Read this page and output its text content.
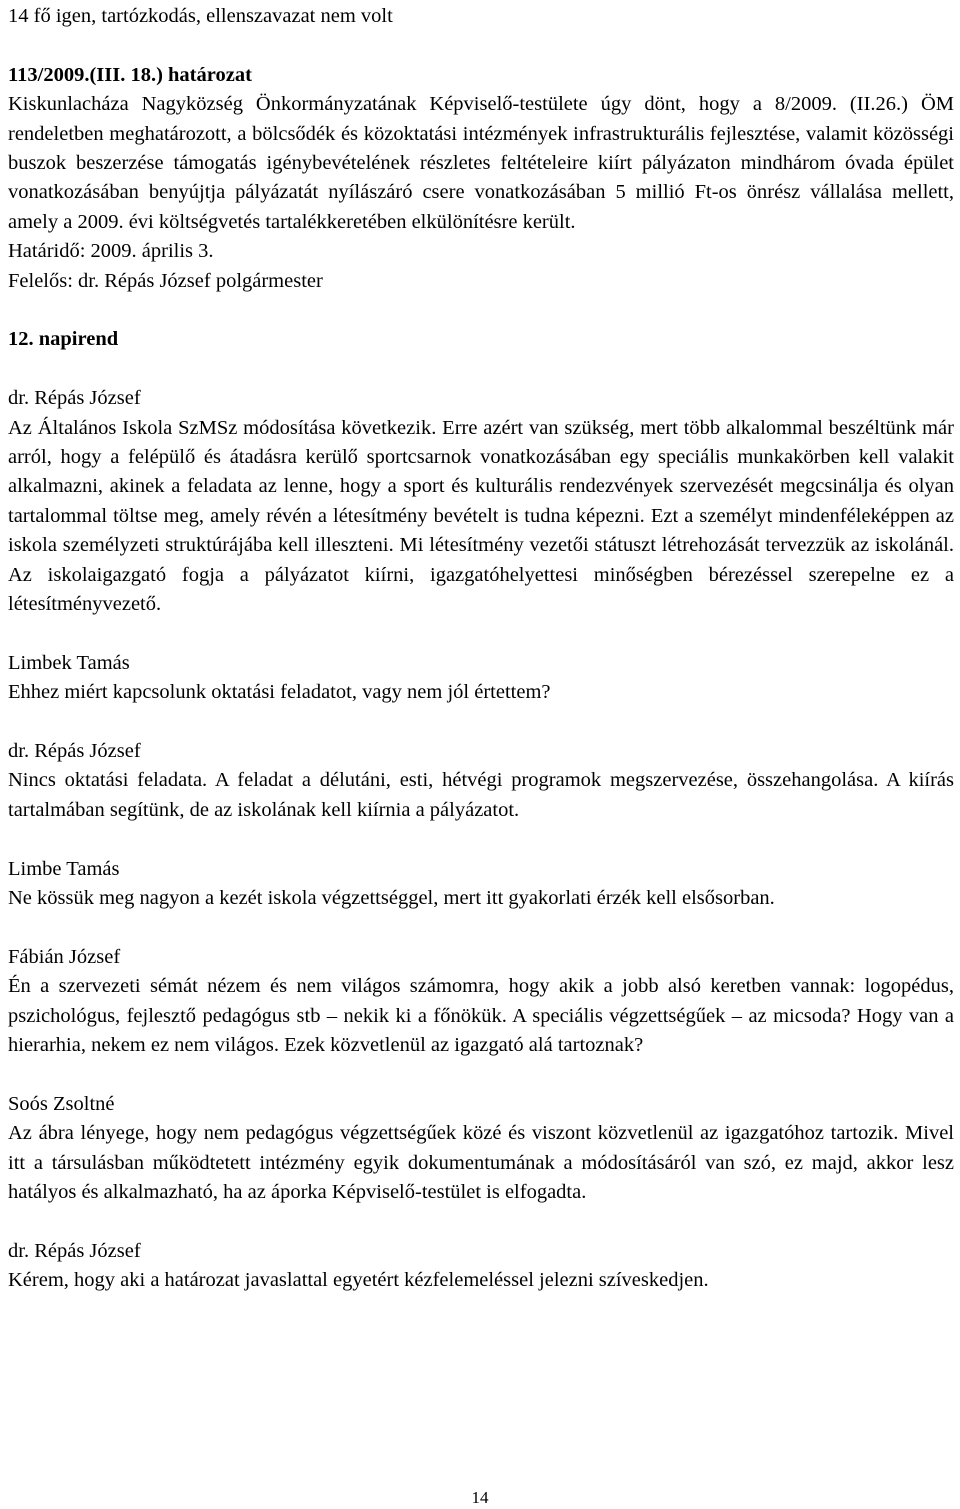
14 fő igen, tartózkodás, ellenszavazat nem volt

113/2009.(III. 18.) határozat

Kiskunlacháza Nagyközség Önkormányzatának Képviselő-testülete úgy dönt, hogy a 8/2009. (II.26.) ÖM rendeletben meghatározott, a bölcsődék és közoktatási intézmények infrastrukturális fejlesztése, valamit közösségi buszok beszerzése támogatás igénybevételének részletes feltételeire kiírt pályázaton mindhárom óvada épület vonatkozásában benyújtja pályázatát nyílászáró csere vonatkozásában 5 millió Ft-os önrész vállalása mellett, amely a 2009. évi költségvetés tartalékkeretében elkülönítésre került.

Határidő: 2009. április 3.

Felelős: dr. Répás József polgármester

12. napirend

dr. Répás József

Az Általános Iskola SzMSz módosítása következik. Erre azért van szükség, mert több alkalommal beszéltünk már arról, hogy a felépülő és átadásra kerülő sportcsarnok vonatkozásában egy speciális munkakörben kell valakit alkalmazni, akinek a feladata az lenne, hogy a sport és kulturális rendezvények szervezését megcsinálja és olyan tartalommal töltse meg, amely révén a létesítmény bevételt is tudna képezni. Ezt a személyt mindenféleképpen az iskola személyzeti struktúrájába kell illeszteni. Mi létesítmény vezetői státuszt létrehozását tervezzük az iskolánál. Az iskolaigazgató fogja a pályázatot kiírni, igazgatóhelyettesi minőségben bérezéssel szerepelne ez a létesítményvezető.

Limbek Tamás

Ehhez miért kapcsolunk oktatási feladatot, vagy nem jól értettem?

dr. Répás József

Nincs oktatási feladata. A feladat a délutáni, esti, hétvégi programok megszervezése, összehangolása. A kiírás tartalmában segítünk, de az iskolának kell kiírnia a pályázatot.

Limbe Tamás

Ne kössük meg nagyon a kezét iskola végzettséggel, mert itt gyakorlati érzék kell elsősorban.

Fábián József

Én a szervezeti sémát nézem és nem világos számomra, hogy akik a jobb alsó keretben vannak: logopédus, pszichológus, fejlesztő pedagógus stb – nekik ki a főnökük. A speciális végzettségűek – az micsoda? Hogy van a hierarhia, nekem ez nem világos. Ezek közvetlenül az igazgató alá tartoznak?

Soós Zsoltné

Az ábra lényege, hogy nem pedagógus végzettségűek közé és viszont közvetlenül az igazgatóhoz tartozik. Mivel itt a társulásban működtetett intézmény egyik dokumentumának a módosításáról van szó, ez majd, akkor lesz hatályos és alkalmazható, ha az áporka Képviselő-testület is elfogadta.

dr. Répás József

Kérem, hogy aki a határozat javaslattal egyetért kézfelemeléssel jelezni szíveskedjen.

14
